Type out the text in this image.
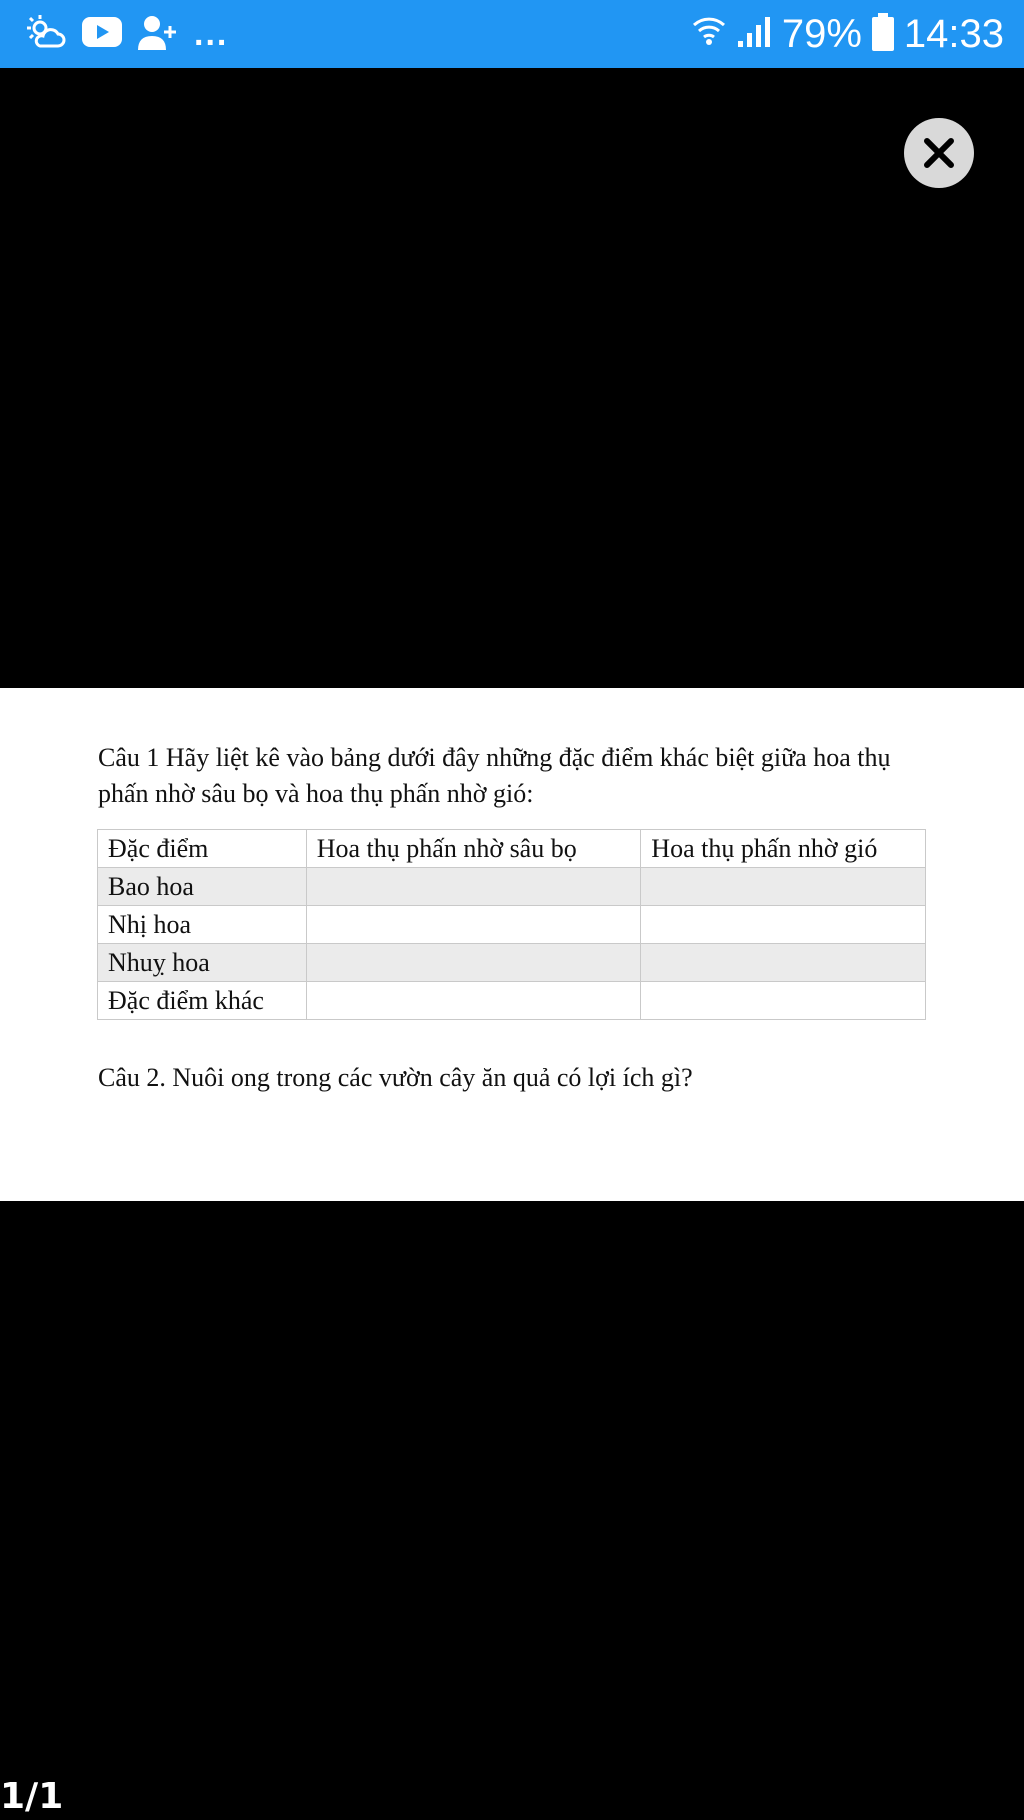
...	79% 14:33

Câu 1 Hãy liệt kê vào bảng dưới đây những đặc điểm khác biệt giữa hoa thụ phấn nhờ sâu bọ và hoa thụ phấn nhờ gió:

Đặc điểm	Hoa thụ phấn nhờ sâu bọ	Hoa thụ phấn nhờ gió
Bao hoa		
Nhị hoa		
Nhuỵ hoa		
Đặc điểm khác		

Câu 2. Nuôi ong trong các vườn cây ăn quả có lợi ích gì?

1/1
